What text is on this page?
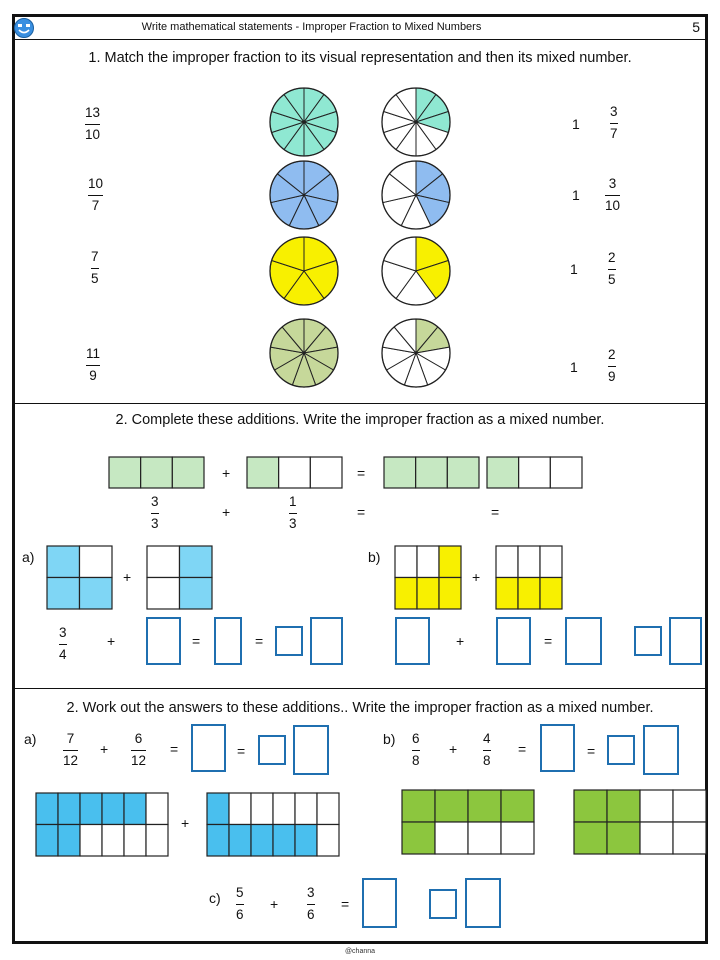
Write mathematical statements - Improper Fraction to Mixed Numbers	5
1. Match the improper fraction to its visual representation and then its mixed number.
13
10
10
7
7
5
11
9
1
3
7
1
3
10
1
2
5
1
2
9
2. Complete these additions. Write the improper fraction as a mixed number.
+	=
3
3
+
1
3
=	=
a)
+
3
4
+	=	=
b)
+
+	=
2. Work out the answers to these additions.. Write the improper fraction as a mixed number.
a) 7
12
+
6
12
=	=
b) 6
8
+
4
8
=	=
+
c) 5
6
+
3
6
=
@channa
